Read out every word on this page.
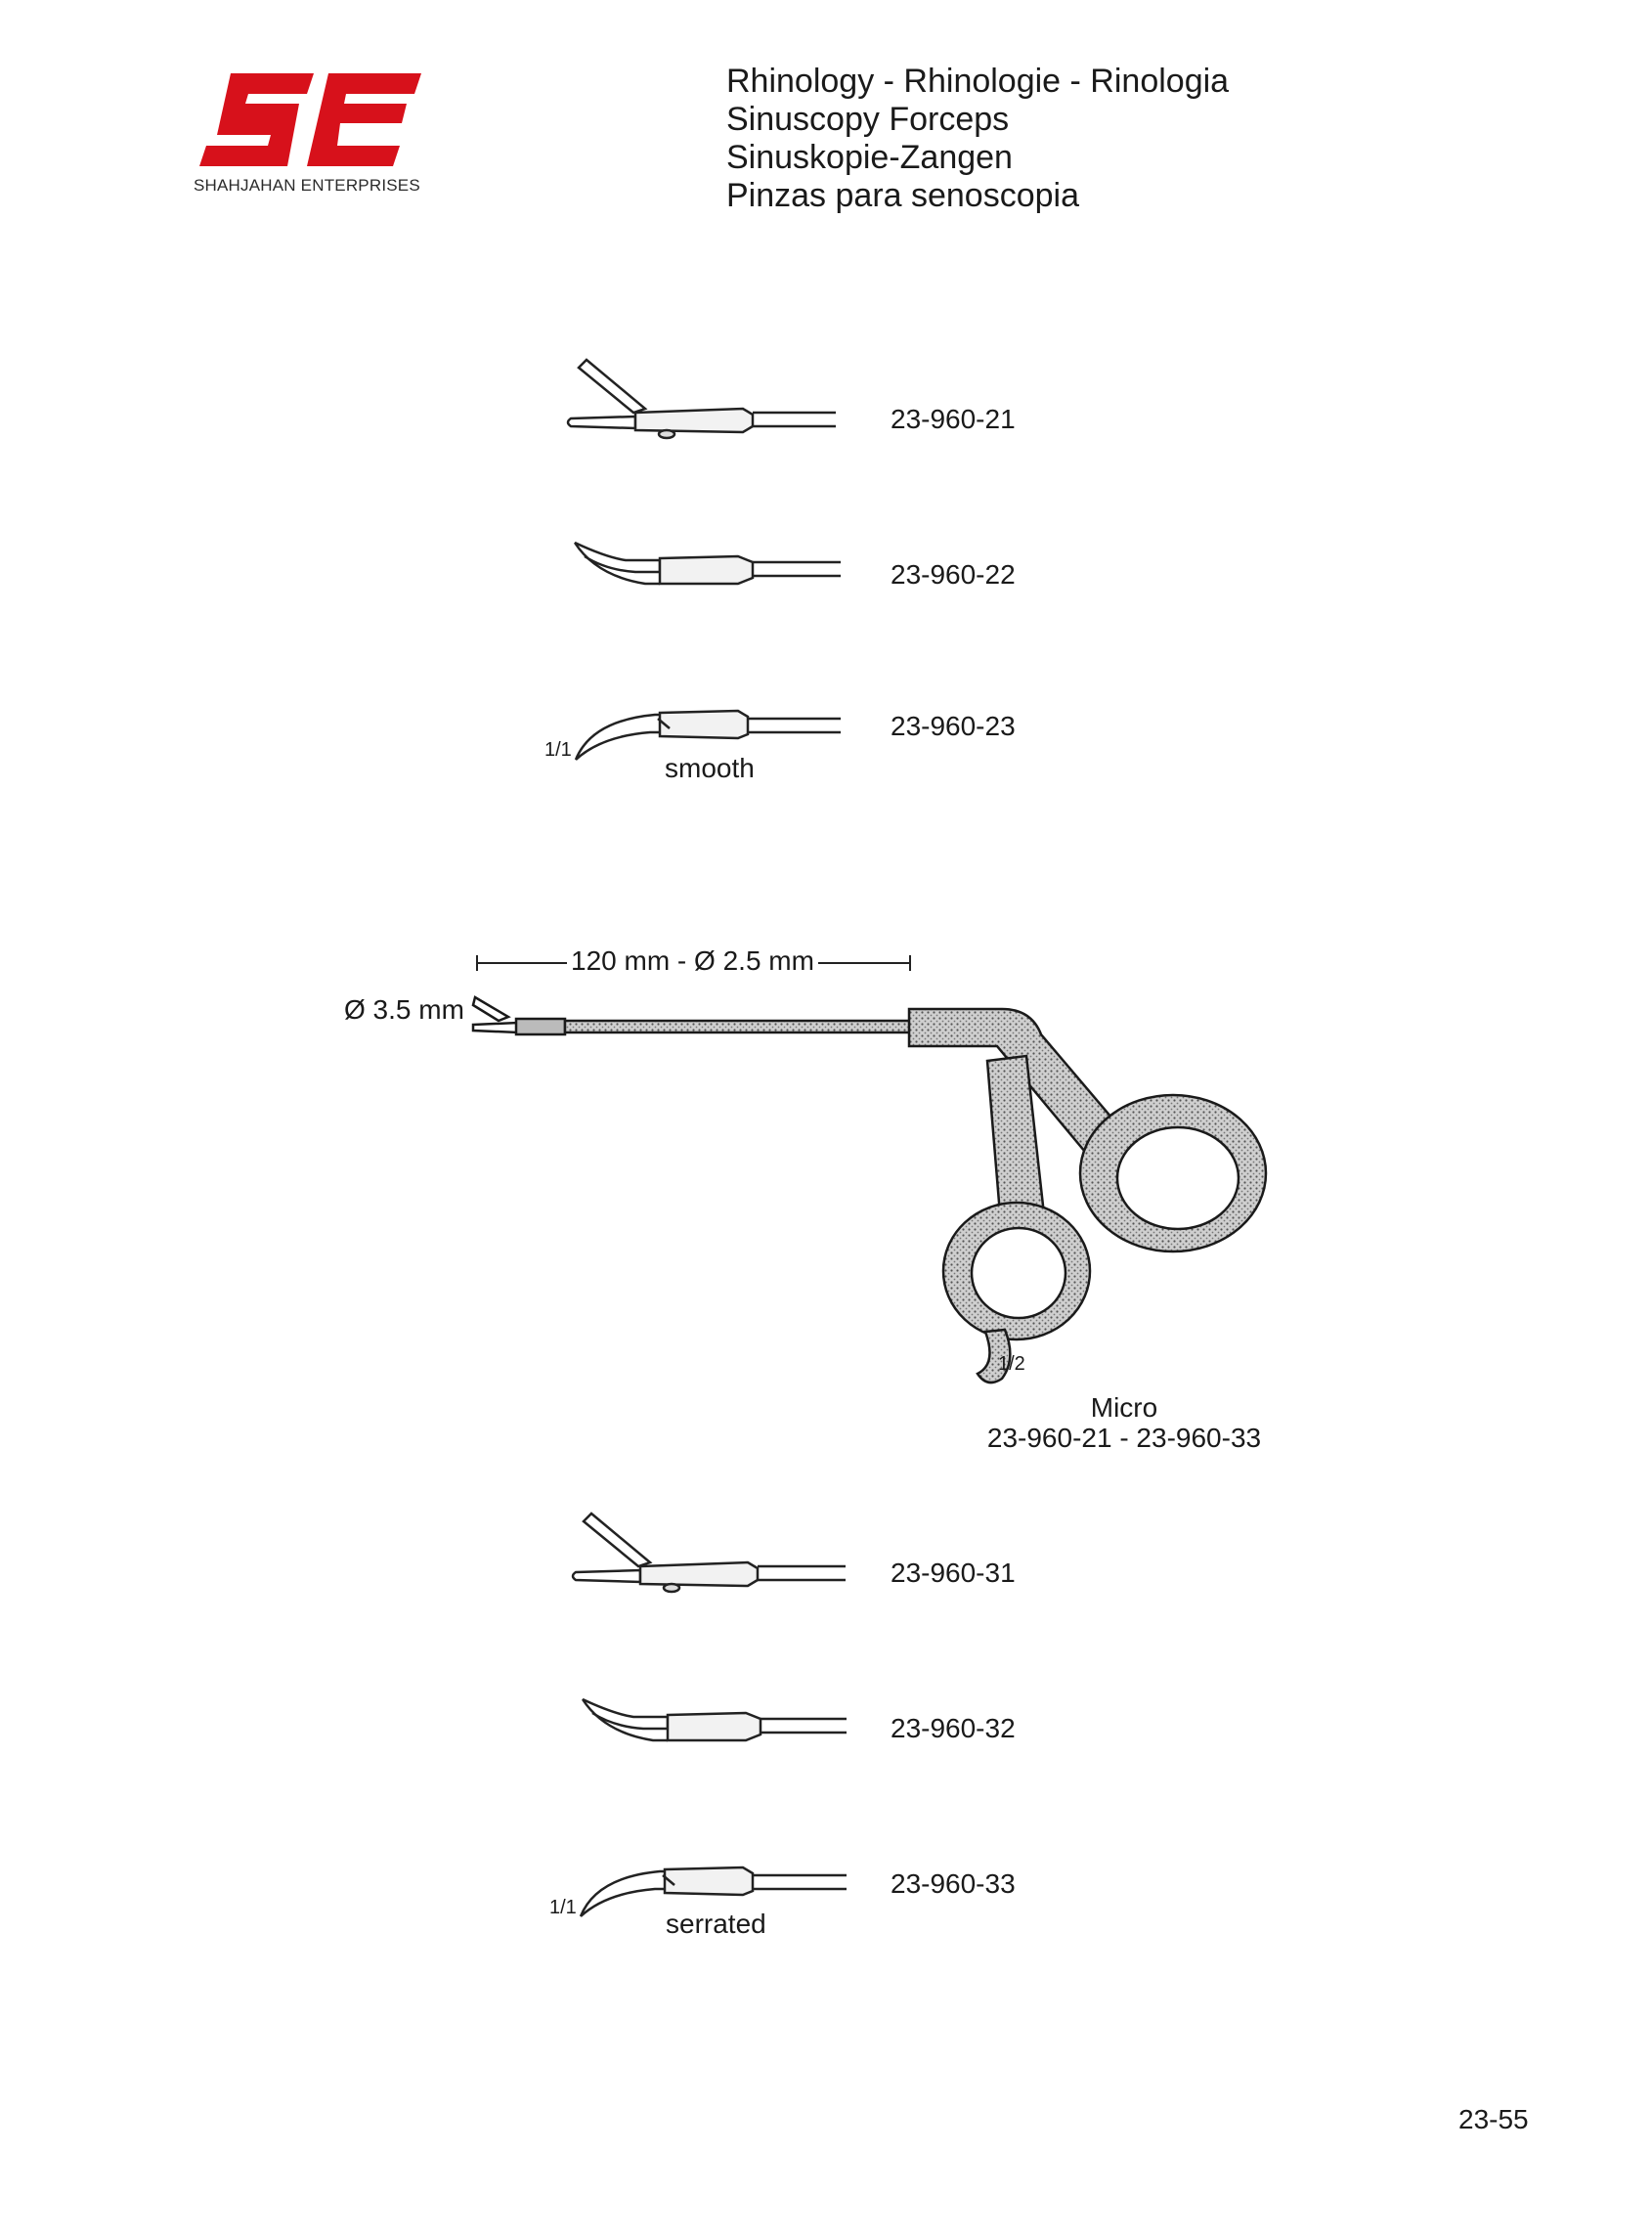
SHAHJAHAN ENTERPRISES
Rhinology - Rhinologie - Rinologia
Sinuscopy Forceps
Sinuskopie-Zangen
Pinzas para senoscopia
23-960-21
23-960-22
1/1
smooth
23-960-23
120 mm - Ø 2.5 mm
Ø 3.5 mm
1/2
Micro
23-960-21 - 23-960-33
23-960-31
23-960-32
1/1
serrated
23-960-33
23-55
